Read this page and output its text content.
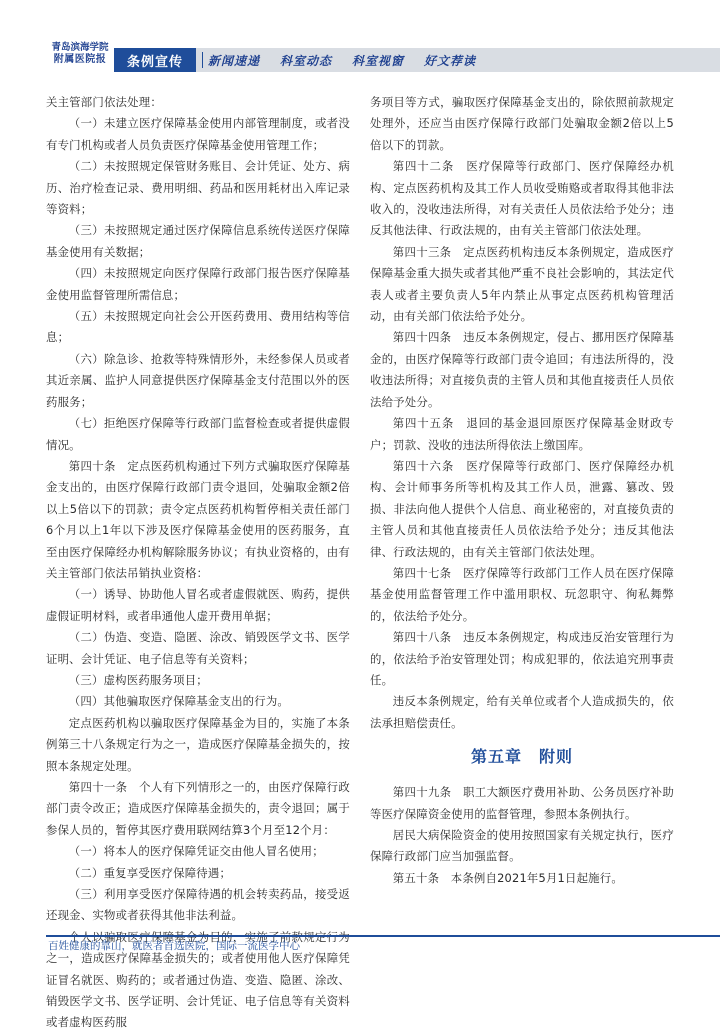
青岛滨海学院
附属医院报	条例宣传	新闻速递 科室动态 科室视窗 好文荐读

关主管部门依法处理：

（一）未建立医疗保障基金使用内部管理制度，或者没有专门机构或者人员负责医疗保障基金使用管理工作；

（二）未按照规定保管财务账目、会计凭证、处方、病历、治疗检查记录、费用明细、药品和医用耗材出入库记录等资料；

（三）未按照规定通过医疗保障信息系统传送医疗保障基金使用有关数据；

（四）未按照规定向医疗保障行政部门报告医疗保障基金使用监督管理所需信息；

（五）未按照规定向社会公开医药费用、费用结构等信息；

（六）除急诊、抢救等特殊情形外，未经参保人员或者其近亲属、监护人同意提供医疗保障基金支付范围以外的医药服务；

（七）拒绝医疗保障等行政部门监督检查或者提供虚假情况。

第四十条　定点医药机构通过下列方式骗取医疗保障基金支出的，由医疗保障行政部门责令退回，处骗取金额2倍以上5倍以下的罚款；责令定点医药机构暂停相关责任部门6个月以上1年以下涉及医疗保障基金使用的医药服务，直至由医疗保障经办机构解除服务协议；有执业资格的，由有关主管部门依法吊销执业资格：

（一）诱导、协助他人冒名或者虚假就医、购药，提供虚假证明材料，或者串通他人虚开费用单据；

（二）伪造、变造、隐匿、涂改、销毁医学文书、医学证明、会计凭证、电子信息等有关资料；

（三）虚构医药服务项目；

（四）其他骗取医疗保障基金支出的行为。

定点医药机构以骗取医疗保障基金为目的，实施了本条例第三十八条规定行为之一，造成医疗保障基金损失的，按照本条规定处理。

第四十一条　个人有下列情形之一的，由医疗保障行政部门责令改正；造成医疗保障基金损失的，责令退回；属于参保人员的，暂停其医疗费用联网结算3个月至12个月：

（一）将本人的医疗保障凭证交由他人冒名使用；

（二）重复享受医疗保障待遇；

（三）利用享受医疗保障待遇的机会转卖药品，接受返还现金、实物或者获得其他非法利益。

之一，造成医疗保障基金损失的；或者使用他人医疗保障凭证冒名就医、购药的；或者通过伪造、变造、隐匿、涂改、销毁医学文书、医学证明、会计凭证、电子信息等有关资料或者虚构医药服

务项目等方式，骗取医疗保障基金支出的，除依照前款规定处理外，还应当由医疗保障行政部门处骗取金额2倍以上5倍以下的罚款。

第四十二条　医疗保障等行政部门、医疗保障经办机构、定点医药机构及其工作人员收受贿赂或者取得其他非法收入的，没收违法所得，对有关责任人员依法给予处分；违反其他法律、行政法规的，由有关主管部门依法处理。

第四十三条　定点医药机构违反本条例规定，造成医疗保障基金重大损失或者其他严重不良社会影响的，其法定代表人或者主要负责人5年内禁止从事定点医药机构管理活动，由有关部门依法给予处分。

第四十四条　违反本条例规定，侵占、挪用医疗保障基金的，由医疗保障等行政部门责令追回；有违法所得的，没收违法所得；对直接负责的主管人员和其他直接责任人员依法给予处分。

第四十五条　退回的基金退回原医疗保障基金财政专户；罚款、没收的违法所得依法上缴国库。

第四十六条　医疗保障等行政部门、医疗保障经办机构、会计师事务所等机构及其工作人员，泄露、篡改、毁损、非法向他人提供个人信息、商业秘密的，对直接负责的主管人员和其他直接责任人员依法给予处分；违反其他法律、行政法规的，由有关主管部门依法处理。

第四十七条　医疗保障等行政部门工作人员在医疗保障基金使用监督管理工作中滥用职权、玩忽职守、徇私舞弊的，依法给予处分。

第四十八条　违反本条例规定，构成违反治安管理行为的，依法给予治安管理处罚；构成犯罪的，依法追究刑事责任。

违反本条例规定，给有关单位或者个人造成损失的，依法承担赔偿责任。

第五章　附则

第四十九条　职工大额医疗费用补助、公务员医疗补助等医疗保障资金使用的监督管理，参照本条例执行。

居民大病保险资金的使用按照国家有关规定执行，医疗保障行政部门应当加强监督。

第五十条　本条例自2021年5月1日起施行。

百姓健康的靠山，就医者首选医院，国际一流医学中心
